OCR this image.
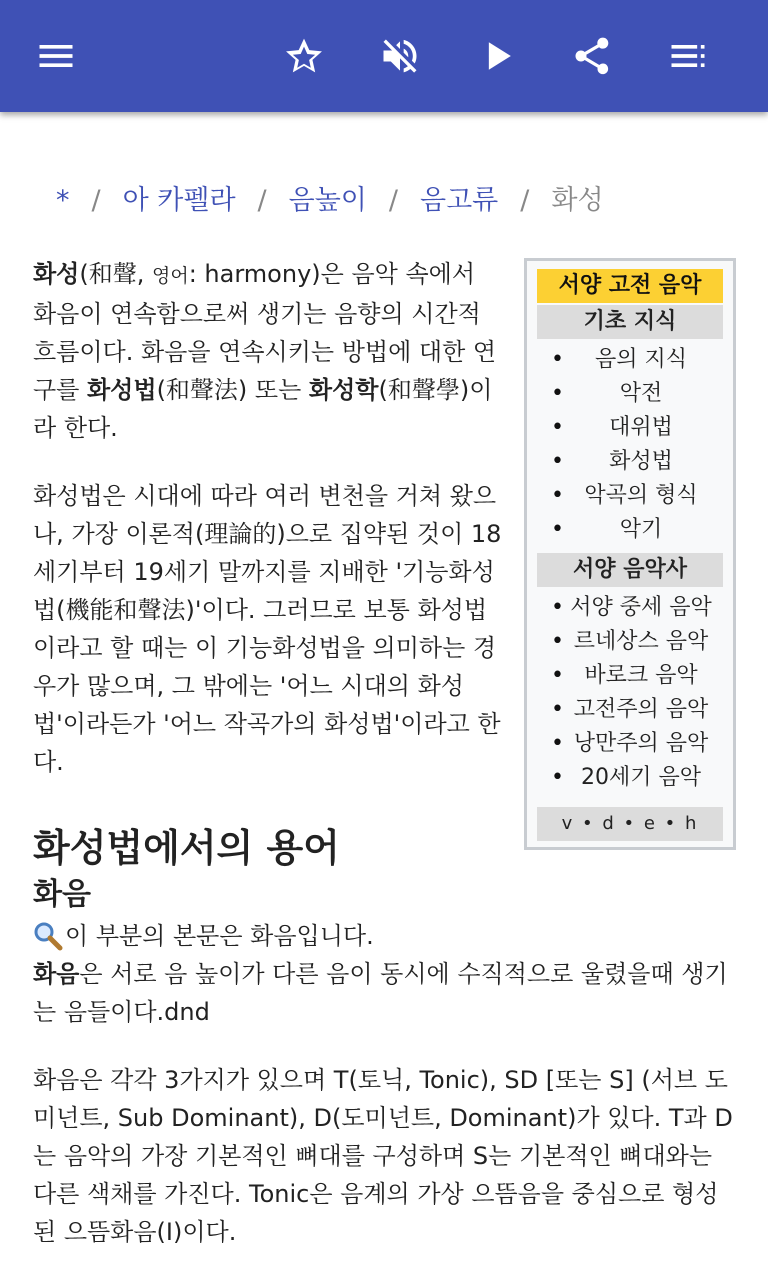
* / 아 카펠라 / 음높이 / 음고류 / 화성
서양 고전 음악
기초 지식
• 음의 지식
• 악전
• 대위법
• 화성법
• 악곡의 형식
• 악기
서양 음악사
• 서양 중세 음악
• 르네상스 음악
• 바로크 음악
• 고전주의 음악
• 낭만주의 음악
• 20세기 음악
v • d • e • h

화성(和聲, 영어: harmony)은 음악 속에서 화음이 연속함으로써 생기는 음향의 시간적 흐름이다. 화음을 연속시키는 방법에 대한 연구를 화성법(和聲法) 또는 화성학(和聲學)이라 한다.

화성법은 시대에 따라 여러 변천을 거쳐 왔으나, 가장 이론적(理論的)으로 집약된 것이 18세기부터 19세기 말까지를 지배한 '기능화성법(機能和聲法)'이다. 그러므로 보통 화성법이라고 할 때는 이 기능화성법을 의미하는 경우가 많으며, 그 밖에는 '어느 시대의 화성법'이라든가 '어느 작곡가의 화성법'이라고 한다.

화성법에서의 용어
화음
이 부분의 본문은 화음입니다.

화음은 서로 음 높이가 다른 음이 동시에 수직적으로 울렸을때 생기는 음들이다.dnd

화음은 각각 3가지가 있으며 T(토닉, Tonic), SD [또는 S] (서브 도미넌트, Sub Dominant), D(도미넌트, Dominant)가 있다. T과 D는 음악의 가장 기본적인 뼈대를 구성하며 S는 기본적인 뼈대와는 다른 색채를 가진다. Tonic은 음계의 가상 으뜸음을 중심으로 형성된 으뜸화음(I)이다.
